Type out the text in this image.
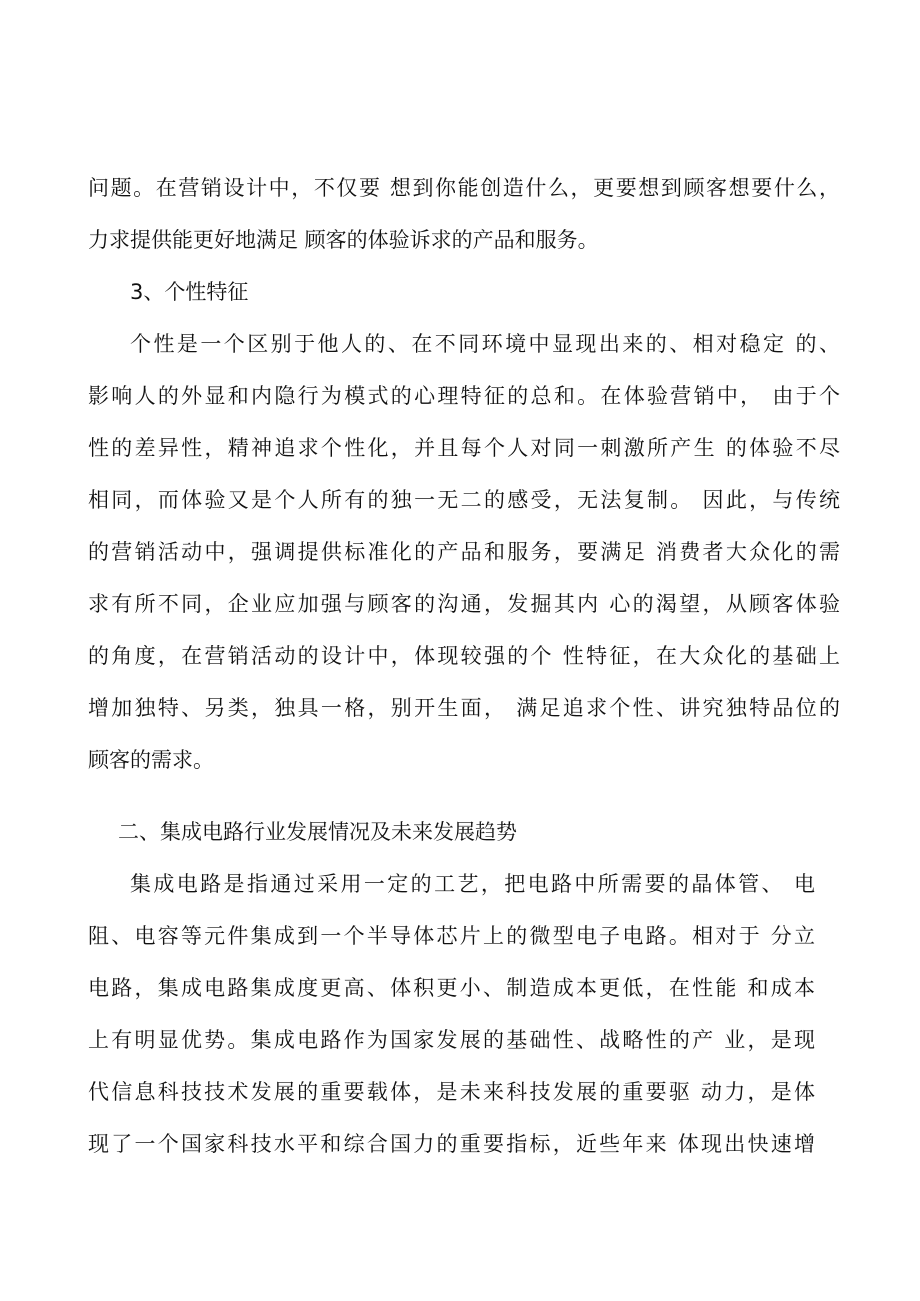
问题。在营销设计中，不仅要 想到你能创造什么，更要想到顾客想要什么，
力求提供能更好地满足 顾客的体验诉求的产品和服务。
3、个性特征
个性是一个区别于他人的、在不同环境中显现出来的、相对稳定 的、
影响人的外显和内隐行为模式的心理特征的总和。在体验营销中， 由于个
性的差异性，精神追求个性化，并且每个人对同一刺激所产生 的体验不尽
相同，而体验又是个人所有的独一无二的感受，无法复制。 因此，与传统
的营销活动中，强调提供标准化的产品和服务，要满足 消费者大众化的需
求有所不同，企业应加强与顾客的沟通，发掘其内 心的渴望，从顾客体验
的角度，在营销活动的设计中，体现较强的个 性特征，在大众化的基础上
增加独特、另类，独具一格，别开生面， 满足追求个性、讲究独特品位的
顾客的需求。
二、集成电路行业发展情况及未来发展趋势
集成电路是指通过采用一定的工艺，把电路中所需要的晶体管、 电
阻、电容等元件集成到一个半导体芯片上的微型电子电路。相对于 分立
电路，集成电路集成度更高、体积更小、制造成本更低，在性能 和成本
上有明显优势。集成电路作为国家发展的基础性、战略性的产 业，是现
代信息科技技术发展的重要载体，是未来科技发展的重要驱 动力，是体
现了一个国家科技水平和综合国力的重要指标，近些年来 体现出快速增
